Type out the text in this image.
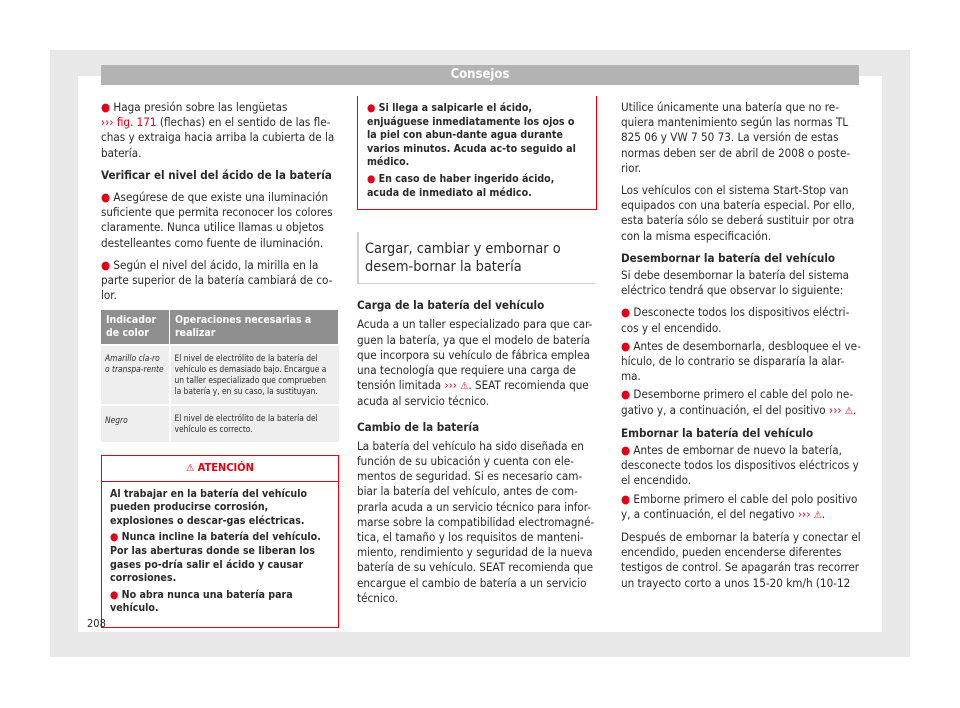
Consejos

● Haga presión sobre las lengüetas
››› fig. 171 (flechas) en el sentido de las fle-chas y extraiga hacia arriba la cubierta de la batería.

Verificar el nivel del ácido de la batería

● Asegúrese de que existe una iluminación suficiente que permita reconocer los colores claramente. Nunca utilice llamas u objetos destelleantes como fuente de iluminación.

● Según el nivel del ácido, la mirilla en la parte superior de la batería cambiará de co-lor.

Indicador de color	Operaciones necesarias a realizar
Amarillo cla-ro o transpa-rente	El nivel de electrólito de la batería del vehículo es demasiado bajo. Encargue a un taller especializado que comprueben la batería y, en su caso, la sustituyan.
Negro	El nivel de electrólito de la batería del vehículo es correcto.
⚠ ATENCIÓN

Al trabajar en la batería del vehículo pueden producirse corrosión, explosiones o descar-gas eléctricas.

● Nunca incline la batería del vehículo. Por las aberturas donde se liberan los gases po-dría salir el ácido y causar corrosiones.

● No abra nunca una batería para vehículo.

● Si llega a salpicarle el ácido, enjuáguese inmediatamente los ojos o la piel con abun-dante agua durante varios minutos. Acuda ac-to seguido al médico.

● En caso de haber ingerido ácido, acuda de inmediato al médico.

Cargar, cambiar y embornar o desem-bornar la batería

Carga de la batería del vehículo

Acuda a un taller especializado para que car-guen la batería, ya que el modelo de batería que incorpora su vehículo de fábrica emplea una tecnología que requiere una carga de tensión limitada ››› ⚠. SEAT recomienda que acuda al servicio técnico.

Cambio de la batería

La batería del vehículo ha sido diseñada en función de su ubicación y cuenta con ele-mentos de seguridad. Si es necesario cam-biar la batería del vehículo, antes de com-prarla acuda a un servicio técnico para infor-marse sobre la compatibilidad electromagné-tica, el tamaño y los requisitos de manteni-miento, rendimiento y seguridad de la nueva batería de su vehículo. SEAT recomienda que encargue el cambio de batería a un servicio técnico.

Utilice únicamente una batería que no re-quiera mantenimiento según las normas TL 825 06 y VW 7 50 73. La versión de estas normas deben ser de abril de 2008 o poste-rior.

Los vehículos con el sistema Start-Stop van equipados con una batería especial. Por ello, esta batería sólo se deberá sustituir por otra con la misma especificación.

Desembornar la batería del vehículo

Si debe desembornar la batería del sistema eléctrico tendrá que observar lo siguiente:

● Desconecte todos los dispositivos eléctri-cos y el encendido.

● Antes de desembornarla, desbloquee el ve-hículo, de lo contrario se dispararía la alar-ma.

● Desemborne primero el cable del polo ne-gativo y, a continuación, el del positivo ››› ⚠.

Embornar la batería del vehículo

● Antes de embornar de nuevo la batería, desconecte todos los dispositivos eléctricos y el encendido.

● Emborne primero el cable del polo positivo y, a continuación, el del negativo ››› ⚠.

Después de embornar la batería y conectar el encendido, pueden encenderse diferentes testigos de control. Se apagarán tras recorrer un trayecto corto a unos 15-20 km/h (10-12

208
